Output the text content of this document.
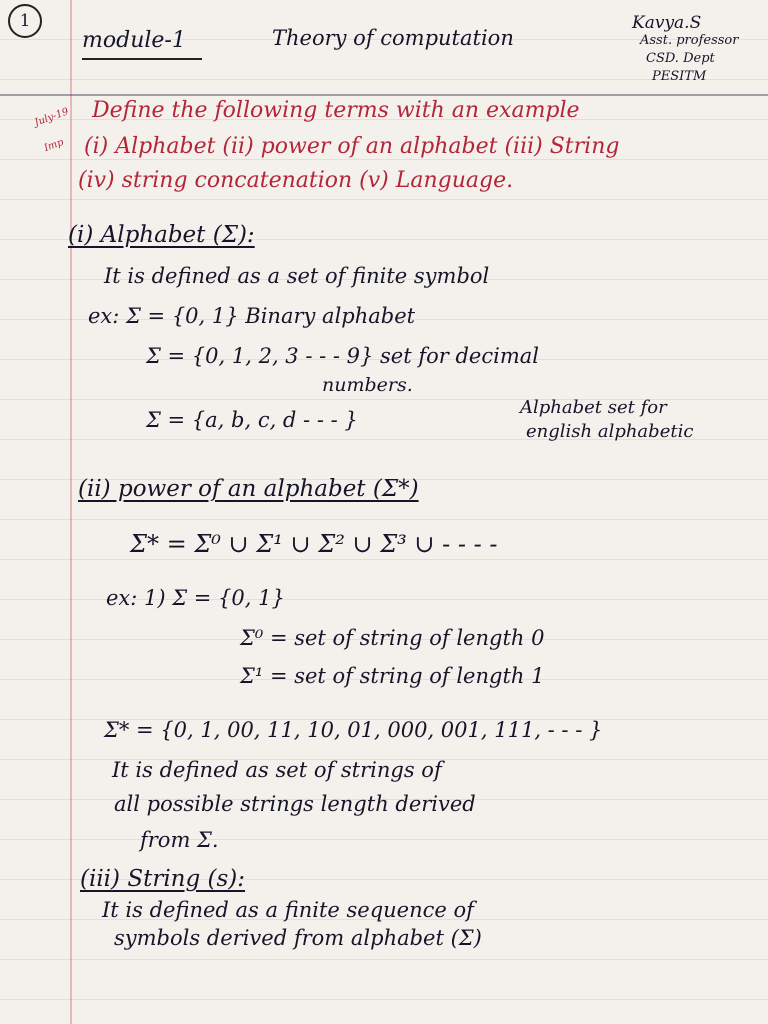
1
module-1	Theory of computation
Kavya.S
Asst. professor
CSD. Dept
PESITM
July-19
Imp
Define the following terms with an example
(i) Alphabet (ii) power of an alphabet (iii) String
(iv) string concatenation (v) Language.
(i) Alphabet (Σ):
It is defined as a set of finite symbol
ex: Σ = {0, 1} Binary alphabet
Σ = {0, 1, 2, 3 - - - 9} set for decimal
numbers.
Σ = {a, b, c, d - - - }
Alphabet set for
english alphabetic
(ii) power of an alphabet (Σ*)
Σ* = Σ⁰ ∪ Σ¹ ∪ Σ² ∪ Σ³ ∪ - - - -
ex: 1) Σ = {0, 1}
Σ⁰ = set of string of length 0
Σ¹ = set of string of length 1
Σ* = {0, 1, 00, 11, 10, 01, 000, 001, 111, - - - }
It is defined as set of strings of
all possible strings length derived
from Σ.
(iii) String (s):
It is defined as a finite sequence of
symbols derived from alphabet (Σ)
